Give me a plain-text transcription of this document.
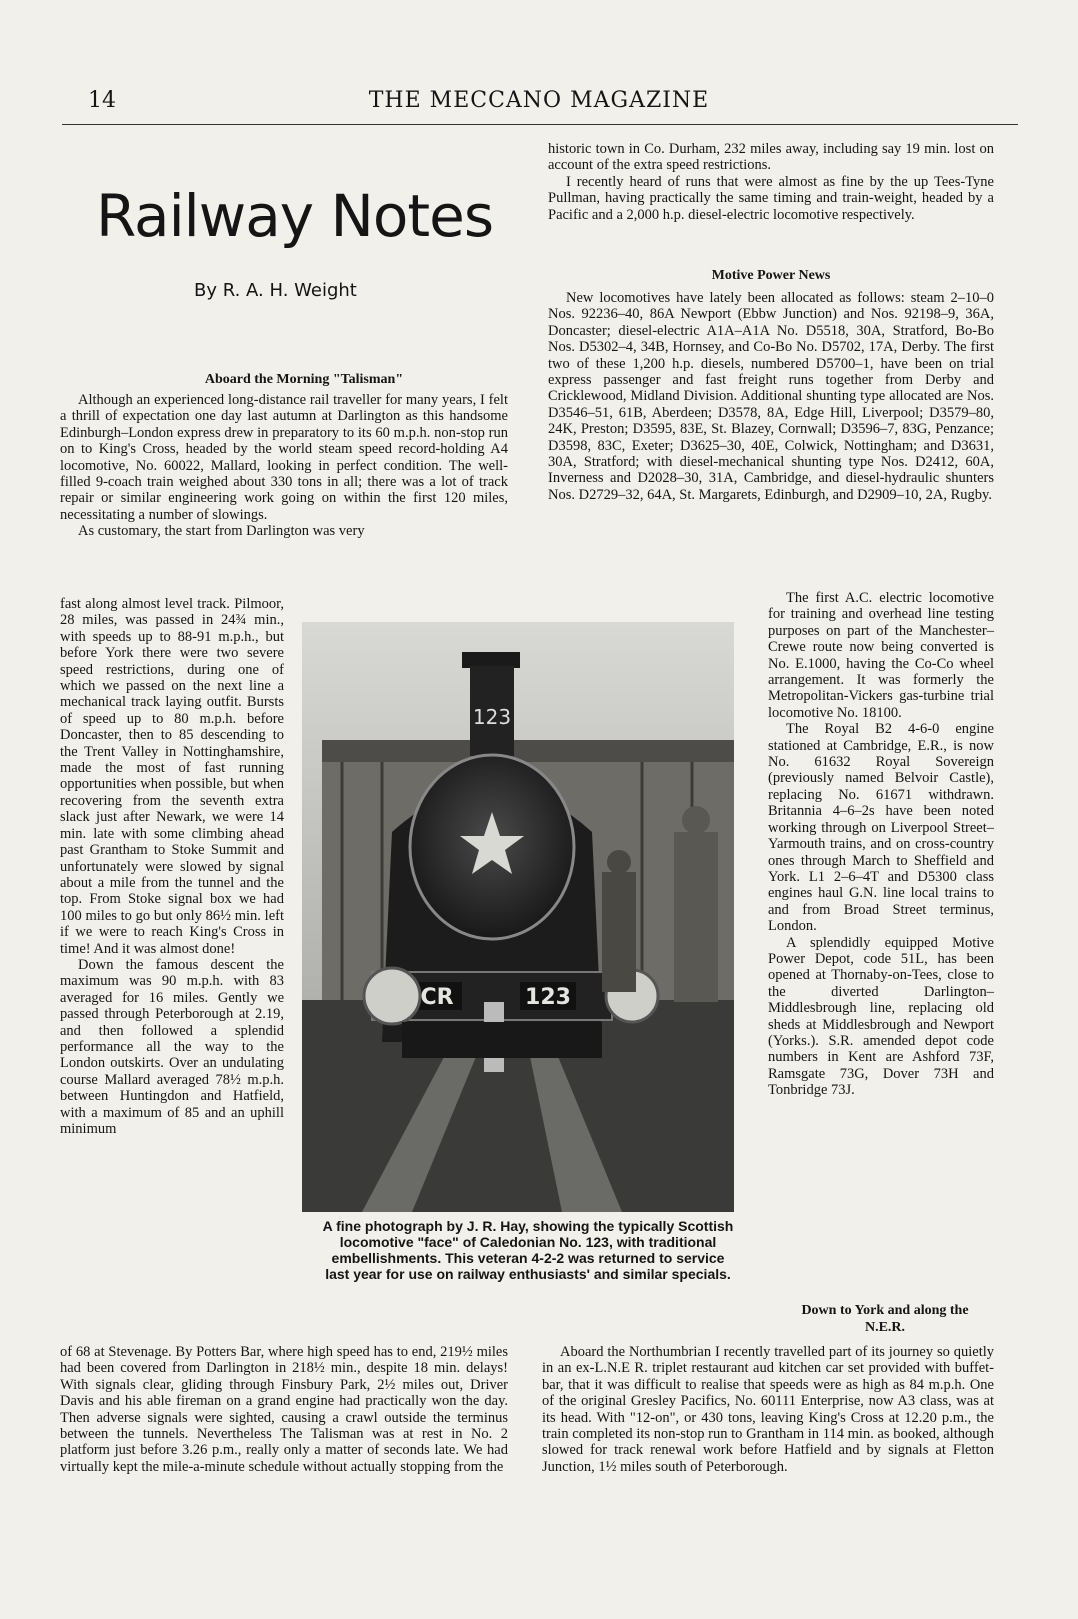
14	THE MECCANO MAGAZINE
Railway Notes
By R. A. H. Weight
Aboard the Morning "Talisman"

Although an experienced long-distance rail traveller for many years, I felt a thrill of expectation one day last autumn at Darlington as this handsome Edinburgh–London express drew in preparatory to its 60 m.p.h. non-stop run on to King's Cross, headed by the world steam speed record-holding A4 locomotive, No. 60022, Mallard, looking in perfect condition. The well-filled 9-coach train weighed about 330 tons in all; there was a lot of track repair or similar engineering work going on within the first 120 miles, necessitating a number of slowings.

As customary, the start from Darlington was very

fast along almost level track. Pilmoor, 28 miles, was passed in 24¾ min., with speeds up to 88-91 m.p.h., but before York there were two severe speed restrictions, during one of which we passed on the next line a mechanical track laying outfit. Bursts of speed up to 80 m.p.h. before Doncaster, then to 85 descending to the Trent Valley in Nottinghamshire, made the most of fast running opportunities when possible, but when recovering from the seventh extra slack just after Newark, we were 14 min. late with some climbing ahead past Grantham to Stoke Summit and unfortunately were slowed by signal about a mile from the tunnel and the top. From Stoke signal box we had 100 miles to go but only 86½ min. left if we were to reach King's Cross in time! And it was almost done!

Down the famous descent the maximum was 90 m.p.h. with 83 averaged for 16 miles. Gently we passed through Peterborough at 2.19, and then followed a splendid performance all the way to the London outskirts. Over an undulating course Mallard averaged 78½ m.p.h. between Huntingdon and Hatfield, with a maximum of 85 and an uphill minimum

of 68 at Stevenage. By Potters Bar, where high speed has to end, 219½ miles had been covered from Darlington in 218½ min., despite 18 min. delays! With signals clear, gliding through Finsbury Park, 2½ miles out, Driver Davis and his able fireman on a grand engine had practically won the day. Then adverse signals were sighted, causing a crawl outside the terminus between the tunnels. Nevertheless The Talisman was at rest in No. 2 platform just before 3.26 p.m., really only a matter of seconds late. We had virtually kept the mile-a-minute schedule without actually stopping from the

123
CR	123
A fine photograph by J. R. Hay, showing the typically Scottish locomotive "face" of Caledonian No. 123, with traditional embellishments. This veteran 4-2-2 was returned to service last year for use on railway enthusiasts' and similar specials.

historic town in Co. Durham, 232 miles away, including say 19 min. lost on account of the extra speed restrictions.

I recently heard of runs that were almost as fine by the up Tees-Tyne Pullman, having practically the same timing and train-weight, headed by a Pacific and a 2,000 h.p. diesel-electric locomotive respectively.

Motive Power News

New locomotives have lately been allocated as follows: steam 2–10–0 Nos. 92236–40, 86A Newport (Ebbw Junction) and Nos. 92198–9, 36A, Doncaster; diesel-electric A1A–A1A No. D5518, 30A, Stratford, Bo-Bo Nos. D5302–4, 34B, Hornsey, and Co-Bo No. D5702, 17A, Derby. The first two of these 1,200 h.p. diesels, numbered D5700–1, have been on trial express passenger and fast freight runs together from Derby and Cricklewood, Midland Division. Additional shunting type allocated are Nos. D3546–51, 61B, Aberdeen; D3578, 8A, Edge Hill, Liverpool; D3579–80, 24K, Preston; D3595, 83E, St. Blazey, Cornwall; D3596–7, 83G, Penzance; D3598, 83C, Exeter; D3625–30, 40E, Colwick, Nottingham; and D3631, 30A, Stratford; with diesel-mechanical shunting type Nos. D2412, 60A, Inverness and D2028–30, 31A, Cambridge, and diesel-hydraulic shunters Nos. D2729–32, 64A, St. Margarets, Edinburgh, and D2909–10, 2A, Rugby.

The first A.C. electric locomotive for training and overhead line testing purposes on part of the Manchester–Crewe route now being converted is No. E.1000, having the Co-Co wheel arrangement. It was formerly the Metropolitan-Vickers gas-turbine trial locomotive No. 18100.

The Royal B2 4-6-0 engine stationed at Cambridge, E.R., is now No. 61632 Royal Sovereign (previously named Belvoir Castle), replacing No. 61671 withdrawn. Britannia 4–6–2s have been noted working through on Liverpool Street–Yarmouth trains, and on cross-country ones through March to Sheffield and York. L1 2–6–4T and D5300 class engines haul G.N. line local trains to and from Broad Street terminus, London.

A splendidly equipped Motive Power Depot, code 51L, has been opened at Thornaby-on-Tees, close to the diverted Darlington–Middlesbrough line, replacing old sheds at Middlesbrough and Newport (Yorks.). S.R. amended depot code numbers in Kent are Ashford 73F, Ramsgate 73G, Dover 73H and Tonbridge 73J.

Down to York and along the N.E.R.

Aboard the Northumbrian I recently travelled part of its journey so quietly in an ex-L.N.E R. triplet restaurant aud kitchen car set provided with buffet-bar, that it was difficult to realise that speeds were as high as 84 m.p.h. One of the original Gresley Pacifics, No. 60111 Enterprise, now A3 class, was at its head. With "12-on", or 430 tons, leaving King's Cross at 12.20 p.m., the train completed its non-stop run to Grantham in 114 min. as booked, although slowed for track renewal work before Hatfield and by signals at Fletton Junction, 1½ miles south of Peterborough.
